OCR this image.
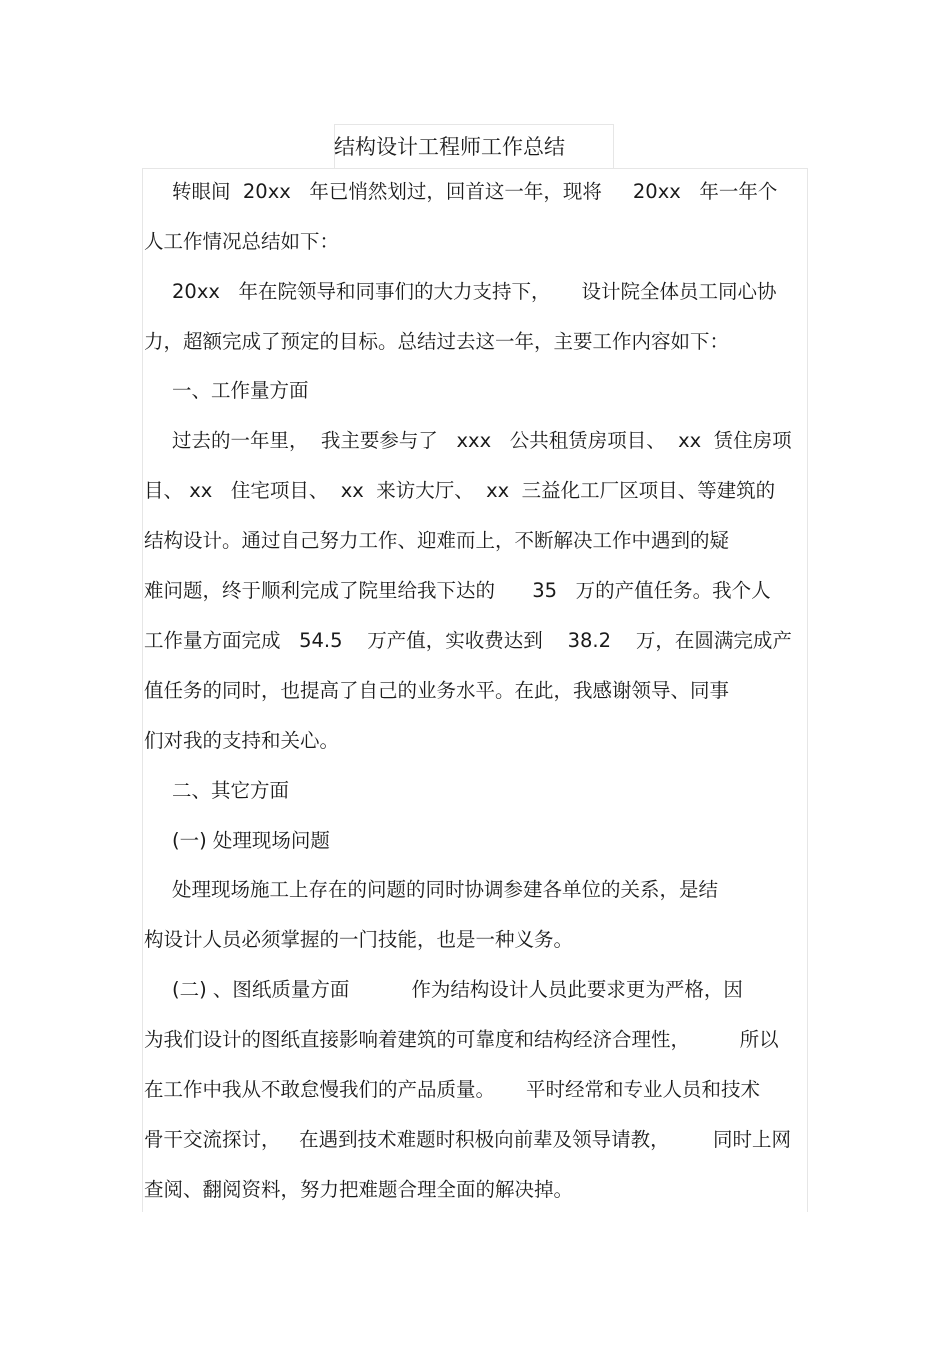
结构设计工程师工作总结
转眼间  20xx   年已悄然划过，回首这一年，现将     20xx   年一年个
人工作情况总结如下：
20xx   年在院领导和同事们的大力支持下，     设计院全体员工同心协
力，超额完成了预定的目标。总结过去这一年，主要工作内容如下：
一、工作量方面
过去的一年里，  我主要参与了   xxx   公共租赁房项目、  xx  赁住房项
目、 xx   住宅项目、  xx  来访大厅、  xx  三益化工厂区项目、等建筑的
结构设计。通过自己努力工作、迎难而上，不断解决工作中遇到的疑
难问题，终于顺利完成了院里给我下达的      35   万的产值任务。我个人
工作量方面完成   54.5    万产值，实收费达到    38.2    万，在圆满完成产
值任务的同时，也提高了自己的业务水平。在此，我感谢领导、同事
们对我的支持和关心。
二、其它方面
(一) 处理现场问题
处理现场施工上存在的问题的同时协调参建各单位的关系，是结
构设计人员必须掌握的一门技能，也是一种义务。
(二) 、图纸质量方面          作为结构设计人员此要求更为严格，因
为我们设计的图纸直接影响着建筑的可靠度和结构经济合理性，        所以
在工作中我从不敢怠慢我们的产品质量。     平时经常和专业人员和技术
骨干交流探讨，   在遇到技术难题时积极向前辈及领导请教，       同时上网
查阅、翻阅资料，努力把难题合理全面的解决掉。
